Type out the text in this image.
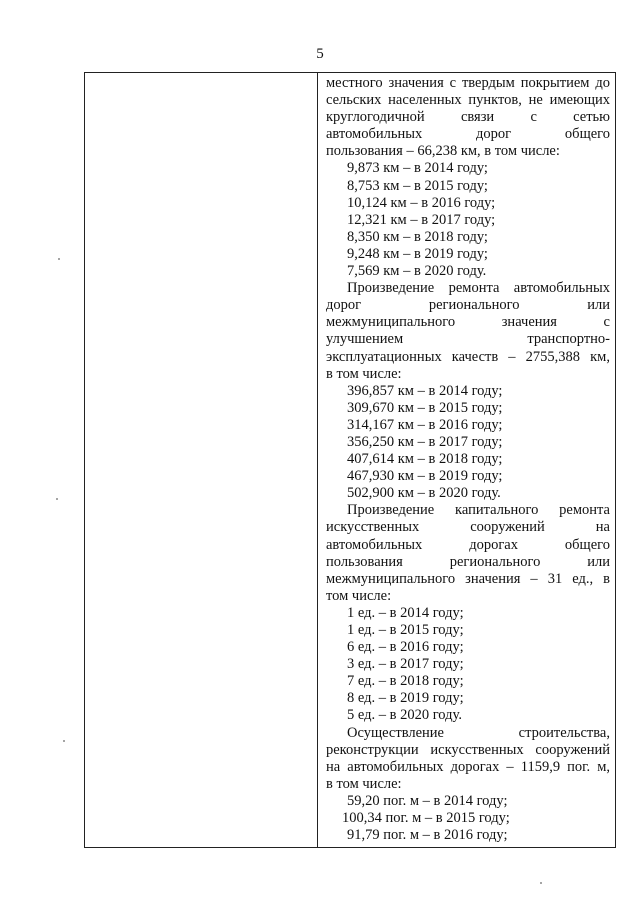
5
местного значения с твердым покрытием до
сельских населенных пунктов, не имеющих
круглогодичной связи с сетью
автомобильных дорог общего
пользования – 66,238 км, в том числе:
9,873 км – в 2014 году;
8,753 км – в 2015 году;
10,124 км – в 2016 году;
12,321 км – в 2017 году;
8,350 км – в 2018 году;
9,248 км – в 2019 году;
7,569 км – в 2020 году.
Произведение ремонта автомобильных
дорог регионального или
межмуниципального значения с
улучшением транспортно-
эксплуатационных качеств – 2755,388 км,
в том числе:
396,857 км – в 2014 году;
309,670 км – в 2015 году;
314,167 км – в 2016 году;
356,250 км – в 2017 году;
407,614 км – в 2018 году;
467,930 км – в 2019 году;
502,900 км – в 2020 году.
Произведение капитального ремонта
искусственных сооружений на
автомобильных дорогах общего
пользования регионального или
межмуниципального значения – 31 ед., в
том числе:
1 ед. – в 2014 году;
1 ед. – в 2015 году;
6 ед. – в 2016 году;
3 ед. – в 2017 году;
7 ед. – в 2018 году;
8 ед. – в 2019 году;
5 ед. – в 2020 году.
Осуществление строительства,
реконструкции искусственных сооружений
на автомобильных дорогах – 1159,9 пог. м,
в том числе:
59,20 пог. м – в 2014 году;
100,34 пог. м – в 2015 году;
91,79 пог. м – в 2016 году;
